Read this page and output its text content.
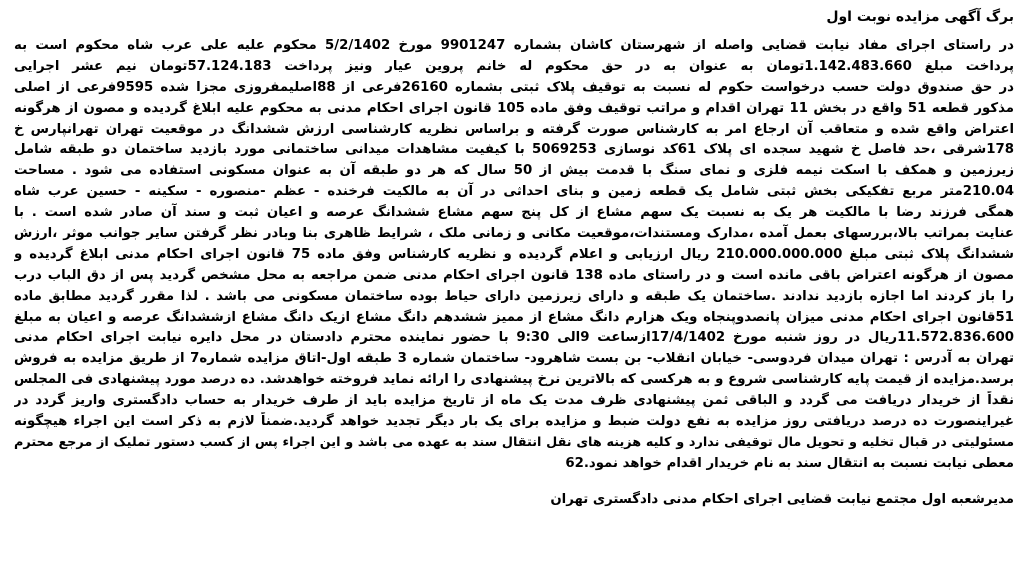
برگ آگهی مزایده نوبت اول
در راستای اجرای مفاد نیابت قضایی واصله از شهرستان کاشان بشماره 9901247 مورخ 5/2/1402 محکوم علیه علی عرب شاه محکوم است به
پرداخت مبلغ 1.142.483.660تومان به عنوان به در حق محکوم له خانم پروین عیار ونیز پرداخت 57.124.183تومان نیم عشر اجرایی
در حق صندوق دولت حسب درخواست حکوم له نسبت به توقیف پلاک ثبتی بشماره 26160فرعی از 88اصلیمفروزی مجزا شده 9595فرعی از اصلی
مذکور قطعه 51 واقع در بخش 11 تهران اقدام و مراتب توقیف وفق ماده 105 قانون اجرای احکام مدنی به محکوم علیه ابلاغ گردیده و مصون از هرگونه
اعتراض واقع شده و متعاقب آن ارجاع امر به کارشناس صورت گرفته و براساس نظریه کارشناسی ارزش ششدانگ در موقعیت تهران تهرانپارس خ
178شرقی ،حد فاصل خ شهید سجده ای پلاک 61کد نوسازی 5069253 با کیفیت مشاهدات میدانی ساختمانی مورد بازدید ساختمان دو طبقه شامل
زیرزمین و همکف با اسکت نیمه فلزی و نمای سنگ با قدمت بیش از 50 سال که هر دو طبقه آن به عنوان مسکونی استفاده می شود . مساحت
210.04متر مربع تفکیکی بخش ثبتی شامل یک قطعه زمین و بنای احداثی در آن به مالکیت فرخنده - عظم -منصوره - سکینه - حسین عرب شاه
همگی فرزند رضا با مالکیت هر یک به نسبت یک سهم مشاع از کل پنج سهم مشاع ششدانگ عرصه و اعیان ثبت و سند آن صادر شده است . با
عنایت بمراتب بالا،بررسهای بعمل آمده ،مدارک ومستندات،موقعیت مکانی و زمانی ملک ، شرایط ظاهری بنا وبادر نظر گرفتن سایر جوانب موثر ،ارزش
ششدانگ پلاک ثبتی مبلغ 210.000.000.000 ریال ارزیابی و اعلام گردیده و نظریه کارشناس وفق ماده 75 قانون اجرای احکام مدنی ابلاغ گردیده و
مصون از هرگونه اعتراض باقی مانده است و در راستای ماده 138 قانون اجرای احکام مدنی ضمن مراجعه به محل مشخص گردید پس از دق الباب درب
را باز کردند اما اجازه بازدید ندادند .ساختمان یک طبقه و دارای زیرزمین دارای حیاط بوده ساختمان مسکونی می باشد . لذا مقرر گردید مطابق ماده
51قانون اجرای احکام مدنی میزان پانصدوپنجاه ویک هزارم دانگ مشاع از ممیز ششدهم دانگ مشاع ازیک دانگ مشاع ازششدانگ عرصه و اعیان به مبلغ
11.572.836.600ریال در روز شنبه مورخ 17/4/1402ازساعت 9الی 9:30 با حضور نماینده محترم دادستان در محل دایره نیابت اجرای احکام مدنی
تهران به آدرس : تهران میدان فردوسی- خیابان انقلاب- بن بست شاهرود- ساختمان شماره 3 طبقه اول-اتاق مزایده شماره7 از طریق مزایده به فروش
برسد.مزایده از قیمت پایه کارشناسی شروع و به هرکسی که بالاترین نرخ پیشنهادی را ارائه نماید فروخته خواهدشد. ده درصد مورد پیشنهادی فی المجلس
نقداً از خریدار دریافت می گردد و الباقی ثمن پیشنهادی ظرف مدت یک ماه از تاریخ مزایده باید از طرف خریدار به حساب دادگستری واریز گردد در
غیراینصورت ده درصد دریافتی روز مزایده به نفع دولت ضبط و مزایده برای یک بار دیگر تجدید خواهد گردید.ضمناً لازم به ذکر است این اجراء هیچگونه
مسئولیتی در قبال تخلیه و تحویل مال توقیفی ندارد و کلیه هزینه های نقل انتقال سند به عهده می باشد و این اجراء پس از کسب دستور تملیک از مرجع محترم
معطی نیابت نسبت به انتقال سند به نام خریدار اقدام خواهد نمود.62
مدیرشعبه اول مجتمع نیابت قضایی اجرای احکام مدنی دادگستری تهران
